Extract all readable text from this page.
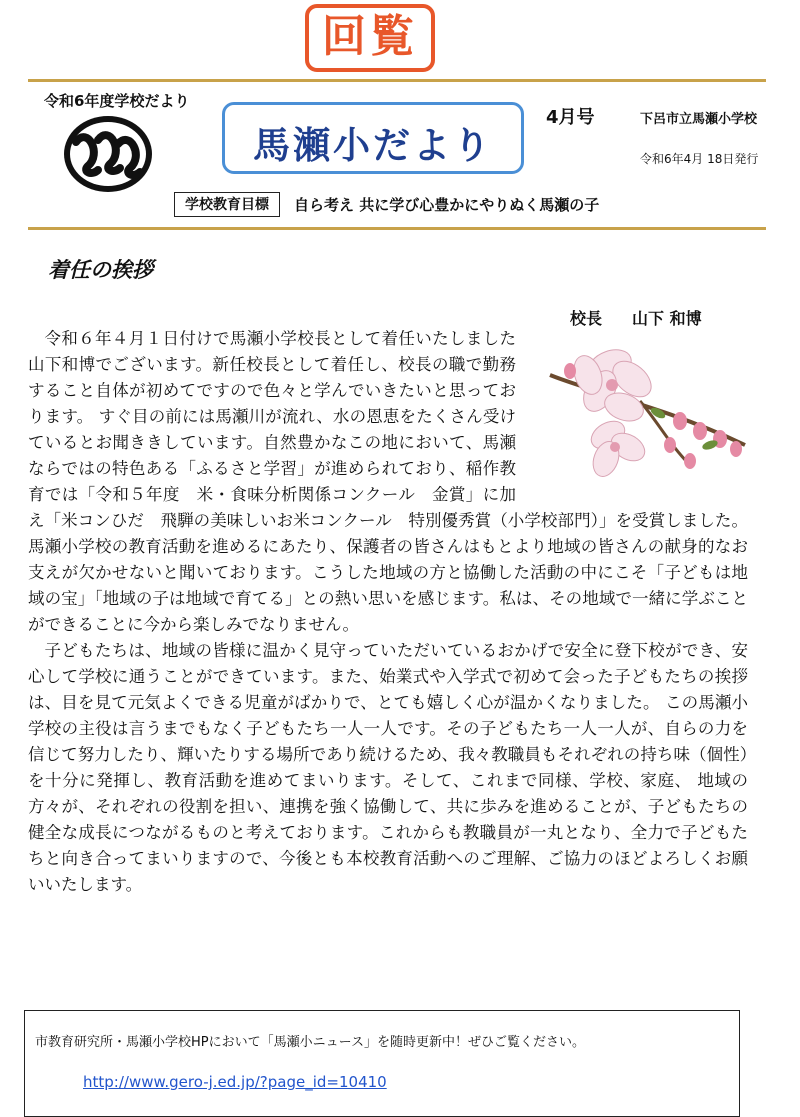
回覧
令和6年度学校だより
馬瀬小だより
4月号	下呂市立馬瀬小学校
令和6年4月 18日発行
学校教育目標	自ら考え 共に学び心豊かにやりぬく馬瀬の子
着任の挨拶
校長 山下 和博

令和６年４月１日付けで馬瀬小学校長として着任いたしました山下和博でございます。新任校長として着任し、校長の職で勤務すること自体が初めてですので色々と学んでいきたいと思っております。 すぐ目の前には馬瀬川が流れ、水の恩恵をたくさん受けているとお聞ききしています。自然豊かなこの地において、馬瀬ならではの特色ある「ふるさと学習」が進められており、稲作教育では「令和５年度　米・食味分析関係コンクール　金賞」に加え「米コンひだ　飛騨の美味しいお米コンクール　特別優秀賞（小学校部門）」を受賞しました。馬瀬小学校の教育活動を進めるにあたり、保護者の皆さんはもとより地域の皆さんの献身的なお支えが欠かせないと聞いております。こうした地域の方と協働した活動の中にこそ「子どもは地域の宝」「地域の子は地域で育てる」との熱い思いを感じます。私は、その地域で一緒に学ぶことができることに今から楽しみでなりません。

子どもたちは、地域の皆様に温かく見守っていただいているおかげで安全に登下校ができ、安心して学校に通うことができています。また、始業式や入学式で初めて会った子どもたちの挨拶は、目を見て元気よくできる児童がばかりで、とても嬉しく心が温かくなりました。 この馬瀬小学校の主役は言うまでもなく子どもたち一人一人です。その子どもたち一人一人が、自らの力を信じて努力したり、輝いたりする場所であり続けるため、我々教職員もそれぞれの持ち味（個性）を十分に発揮し、教育活動を進めてまいります。そして、これまで同様、学校、家庭、 地域の方々が、それぞれの役割を担い、連携を強く協働して、共に歩みを進めることが、子どもたちの健全な成長につながるものと考えております。これからも教職員が一丸となり、全力で子どもたちと向き合ってまいりますので、今後とも本校教育活動へのご理解、ご協力のほどよろしくお願いいたします。

市教育研究所・馬瀬小学校HPにおいて「馬瀬小ニュース」を随時更新中！ぜひご覧ください。
http://www.gero-j.ed.jp/?page_id=10410
